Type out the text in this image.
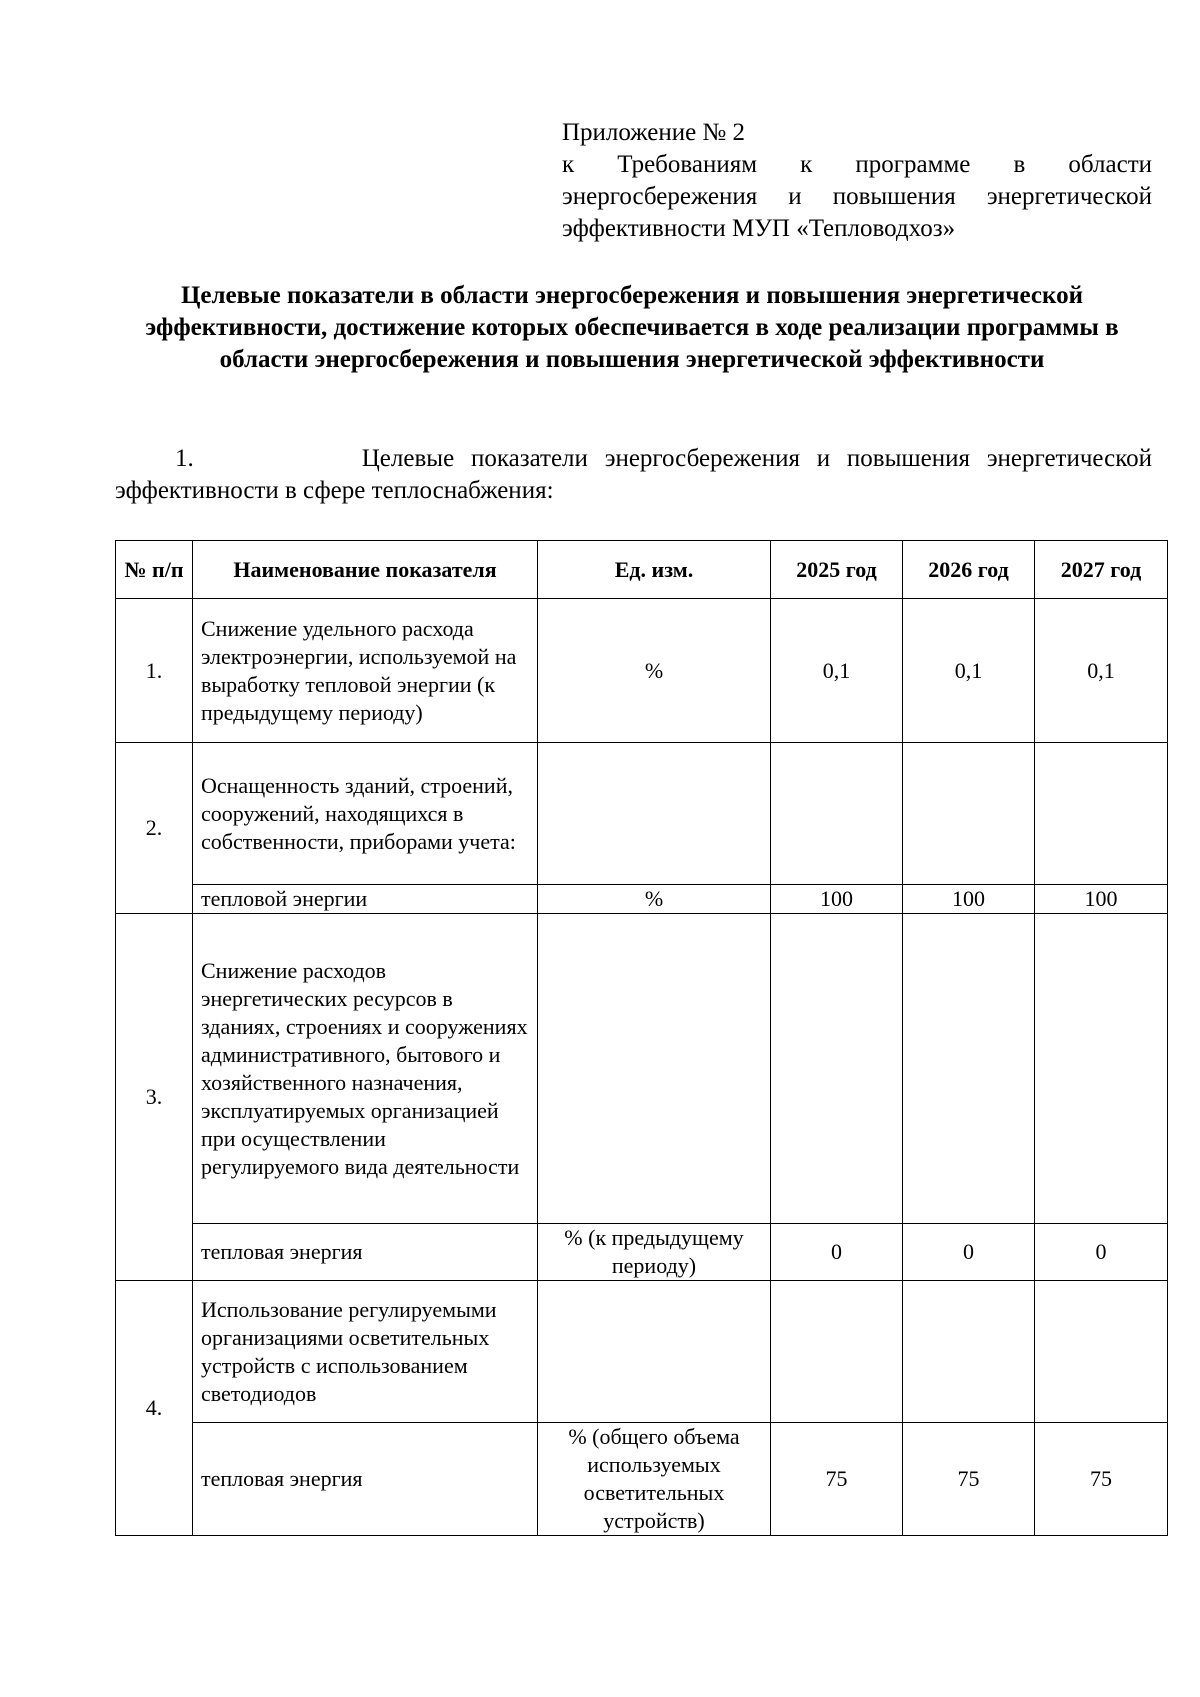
Приложение № 2
к Требованиям к программе в области
энергосбережения и повышения энергетической
эффективности МУП «Тепловодхоз»
Целевые показатели в области энергосбережения и повышения энергетической эффективности, достижение которых обеспечивается в ходе реализации программы в области энергосбережения и повышения энергетической эффективности
1.	Целевые показатели энергосбережения и повышения энергетической
эффективности в сфере теплоснабжения:
№ п/п	Наименование показателя	Ед. изм.	2025 год	2026 год	2027 год
1.	Снижение удельного расхода электроэнергии, используемой на выработку тепловой энергии (к предыдущему периоду)	%	0,1	0,1	0,1
2.	Оснащенность зданий, строений, сооружений, находящихся в собственности, приборами учета:				
	тепловой энергии	%	100	100	100
3.	Снижение расходов энергетических ресурсов в зданиях, строениях и сооружениях административного, бытового и хозяйственного назначения, эксплуатируемых организацией при осуществлении регулируемого вида деятельности				
	тепловая энергия	% (к предыдущему периоду)	0	0	0
4.	Использование регулируемыми организациями осветительных устройств с использованием светодиодов				
	тепловая энергия	% (общего объема используемых осветительных устройств)	75	75	75
